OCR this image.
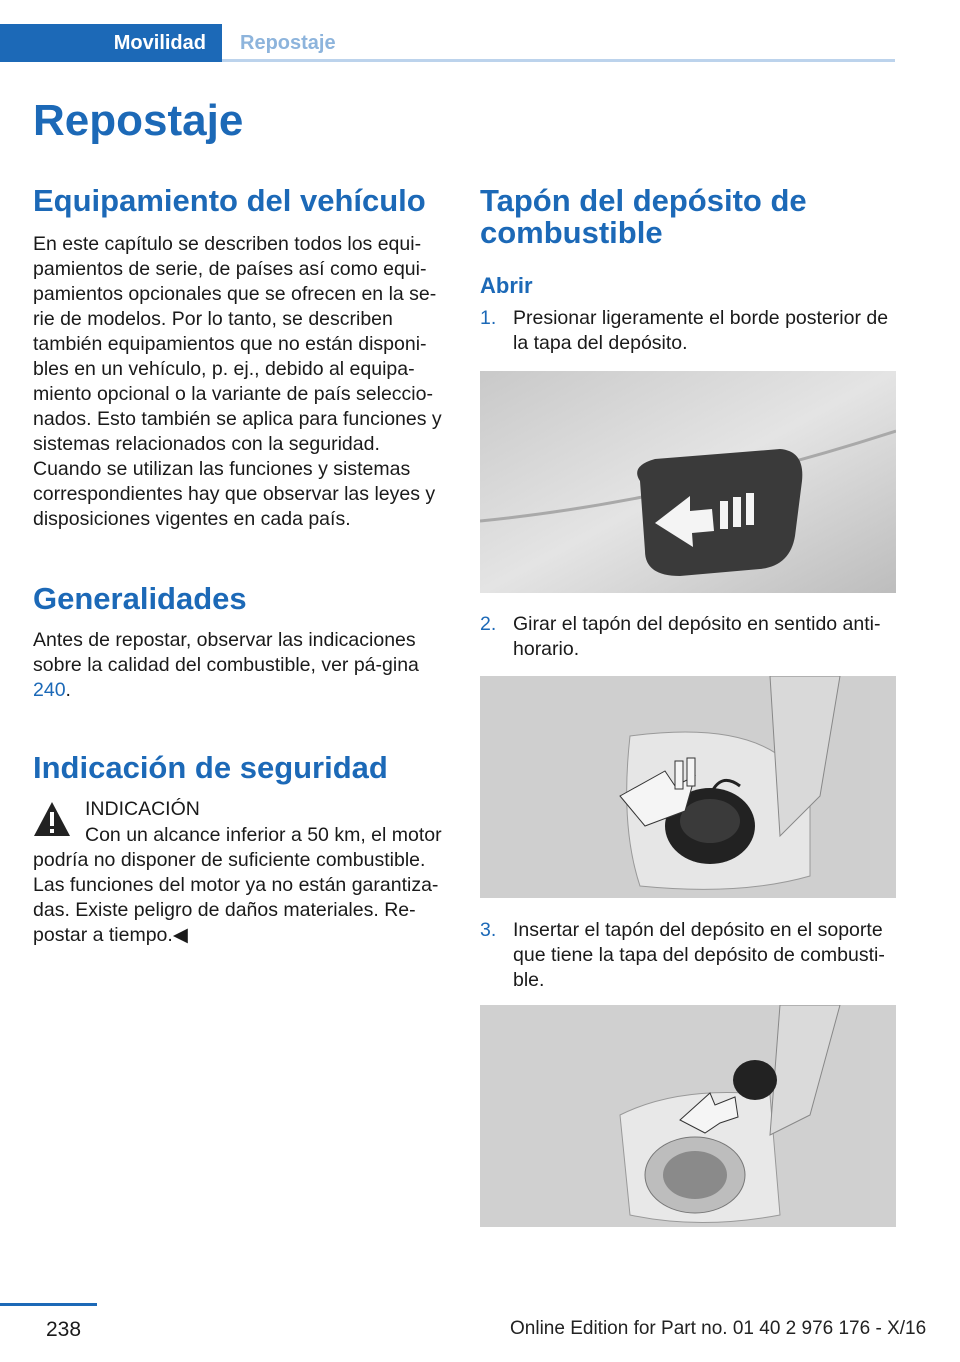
Movilidad	Repostaje
Repostaje
Equipamiento del vehículo

En este capítulo se describen todos los equi-pamientos de serie, de países así como equi-pamientos opcionales que se ofrecen en la se-rie de modelos. Por lo tanto, se describen también equipamientos que no están disponi-bles en un vehículo, p. ej., debido al equipa-miento opcional o la variante de país seleccio-nados. Esto también se aplica para funciones y sistemas relacionados con la seguridad. Cuando se utilizan las funciones y sistemas correspondientes hay que observar las leyes y disposiciones vigentes en cada país.

Generalidades

Antes de repostar, observar las indicaciones sobre la calidad del combustible, ver pá-gina 240.

Indicación de seguridad
INDICACIÓN

Con un alcance inferior a 50 km, el motor podría no disponer de suficiente combustible. Las funciones del motor ya no están garantiza-das. Existe peligro de daños materiales. Re-postar a tiempo.◀

Tapón del depósito de combustible
Abrir
1. Presionar ligeramente el borde posterior de la tapa del depósito.

2. Girar el tapón del depósito en sentido anti-horario.

3. Insertar el tapón del depósito en el soporte que tiene la tapa del depósito de combusti-ble.

238	Online Edition for Part no. 01 40 2 976 176 - X/16
